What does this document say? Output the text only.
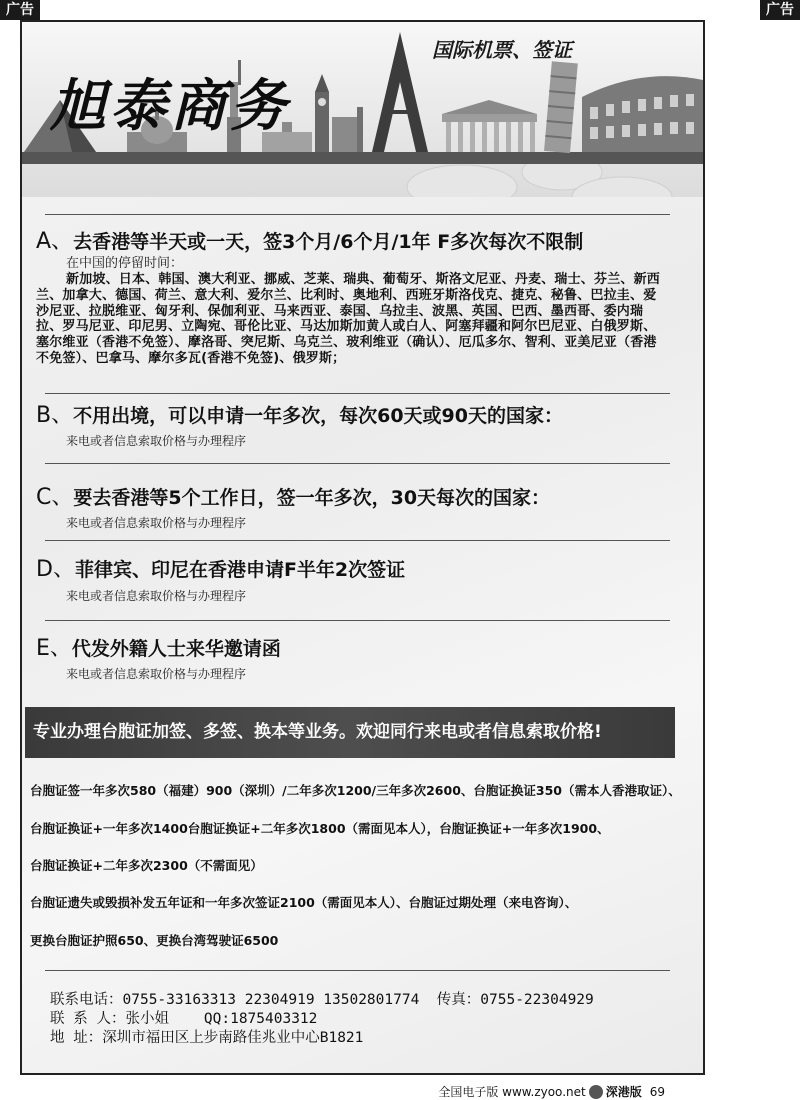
广告	广告
旭泰商务
国际机票、签证
A、去香港等半天或一天，签3个月/6个月/1年 F多次每次不限制
在中国的停留时间：
新加坡、日本、韩国、澳大利亚、挪威、芝莱、瑞典、葡萄牙、斯洛文尼亚、丹麦、瑞士、芬兰、新西兰、加拿大、德国、荷兰、意大利、爱尔兰、比利时、奥地利、西班牙斯洛伐克、捷克、秘鲁、巴拉圭、爱沙尼亚、拉脱维亚、匈牙利、保伽利亚、马来西亚、泰国、乌拉圭、波黑、英国、巴西、墨西哥、委内瑞拉、罗马尼亚、印尼男、立陶宛、哥伦比亚、马达加斯加黄人或白人、阿塞拜疆和阿尔巴尼亚、白俄罗斯、塞尔维亚（香港不免签）、摩洛哥、突尼斯、乌克兰、玻利维亚（确认）、厄瓜多尔、智利、亚美尼亚（香港不免签）、巴拿马、摩尔多瓦(香港不免签)、俄罗斯；
B、不用出境，可以申请一年多次，每次60天或90天的国家：
来电或者信息索取价格与办理程序
C、要去香港等5个工作日，签一年多次，30天每次的国家：
来电或者信息索取价格与办理程序
D、菲律宾、印尼在香港申请F半年2次签证
来电或者信息索取价格与办理程序
E、代发外籍人士来华邀请函
来电或者信息索取价格与办理程序
专业办理台胞证加签、多签、换本等业务。欢迎同行来电或者信息索取价格!
台胞证签一年多次580（福建）900（深圳）/二年多次1200/三年多次2600、台胞证换证350（需本人香港取证）、
台胞证换证+一年多次1400台胞证换证+二年多次1800（需面见本人），台胞证换证+一年多次1900、
台胞证换证+二年多次2300（不需面见）
台胞证遗失或毁损补发五年证和一年多次签证2100（需面见本人）、台胞证过期处理（来电咨询）、
更换台胞证护照650、更换台湾驾驶证6500
联系电话：0755-33163313 22304919 13502801774 传真：0755-22304929
联 系 人：张小姐 QQ:1875403312
地 址：深圳市福田区上步南路佳兆业中心B1821
全国电子版 www.zyoo.net 深港版 69
